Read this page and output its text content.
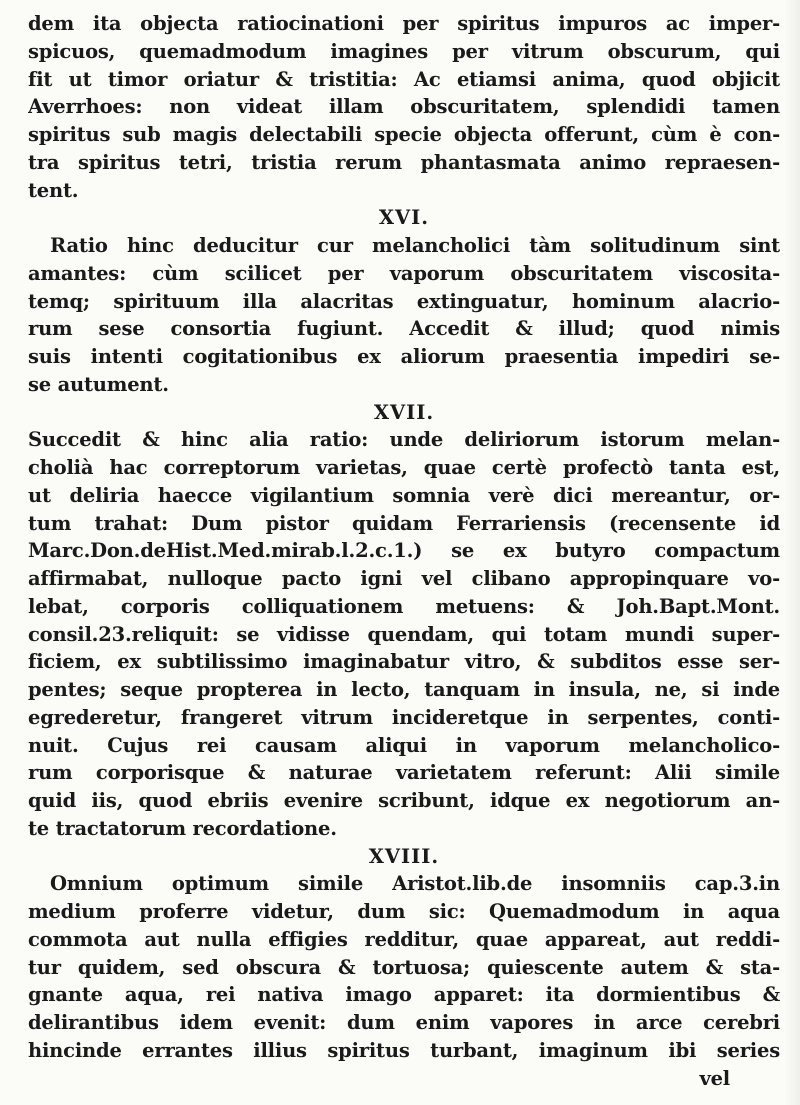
dem ita objecta ratiocinationi per spiritus impuros ac imper-
spicuos, quemadmodum imagines per vitrum obscurum, qui
fit ut timor oriatur & tristitia: Ac etiamsi anima, quod objicit
Averrhoes: non videat illam obscuritatem, splendidi tamen
spiritus sub magis delectabili specie objecta offerunt, cùm è con-
tra spiritus tetri, tristia rerum phantasmata animo repraesen-
tent.
XVI.
Ratio hinc deducitur cur melancholici tàm solitudinum sint
amantes: cùm scilicet per vaporum obscuritatem viscosita-
temq; spirituum illa alacritas extinguatur, hominum alacrio-
rum sese consortia fugiunt. Accedit & illud; quod nimis
suis intenti cogitationibus ex aliorum praesentia impediri se-
se autument.
XVII.
Succedit & hinc alia ratio: unde deliriorum istorum melan-
cholià hac correptorum varietas, quae certè profectò tanta est,
ut deliria haecce vigilantium somnia verè dici mereantur, or-
tum trahat: Dum pistor quidam Ferrariensis (recensente id
Marc.Don.deHist.Med.mirab.l.2.c.1.) se ex butyro compactum
affirmabat, nulloque pacto igni vel clibano appropinquare vo-
lebat, corporis colliquationem metuens: & Joh.Bapt.Mont.
consil.23.reliquit: se vidisse quendam, qui totam mundi super-
ficiem, ex subtilissimo imaginabatur vitro, & subditos esse ser-
pentes; seque propterea in lecto, tanquam in insula, ne, si inde
egrederetur, frangeret vitrum incideretque in serpentes, conti-
nuit. Cujus rei causam aliqui in vaporum melancholico-
rum corporisque & naturae varietatem referunt: Alii simile
quid iis, quod ebriis evenire scribunt, idque ex negotiorum an-
te tractatorum recordatione.
XVIII.
Omnium optimum simile Aristot.lib.de insomniis cap.3.in
medium proferre videtur, dum sic: Quemadmodum in aqua
commota aut nulla effigies redditur, quae appareat, aut reddi-
tur quidem, sed obscura & tortuosa; quiescente autem & sta-
gnante aqua, rei nativa imago apparet: ita dormientibus &
delirantibus idem evenit: dum enim vapores in arce cerebri
hincinde errantes illius spiritus turbant, imaginum ibi series
vel
